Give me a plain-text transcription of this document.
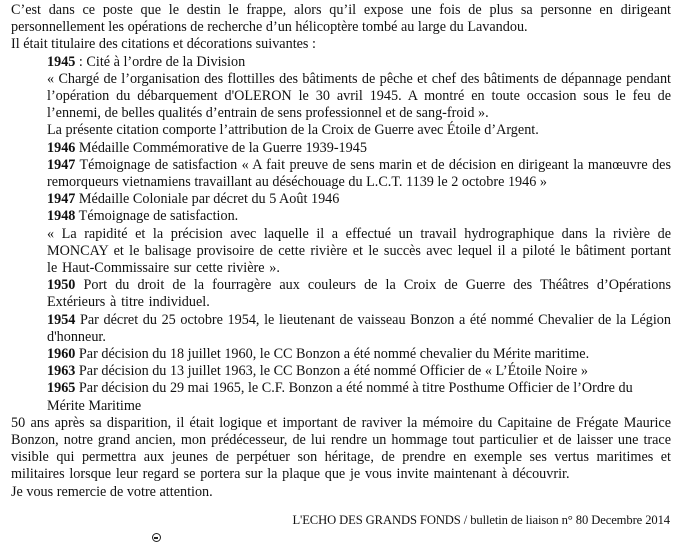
C’est dans ce poste que le destin le frappe, alors qu’il expose une fois de plus sa personne en dirigeant personnellement les opérations de recherche d’un hélicoptère tombé au large du Lavandou.

Il était titulaire des citations et décorations suivantes :

1945 : Cité à l’ordre de la Division

« Chargé de l’organisation des flottilles des bâtiments de pêche et chef des bâtiments de dépannage pendant l’opération du débarquement d'OLERON le 30 avril 1945. A montré en toute occasion sous le feu de l’ennemi, de belles qualités d’entrain de sens professionnel et de sang-froid ».

La présente citation comporte l’attribution de la Croix de Guerre avec Étoile d’Argent.

1946 Médaille Commémorative de la Guerre 1939-1945

1947 Témoignage de satisfaction « A fait preuve de sens marin et de décision en dirigeant la manœuvre des remorqueurs vietnamiens travaillant au déséchouage du L.C.T. 1139 le 2 octobre 1946 »

1947 Médaille Coloniale par décret du 5 Août 1946

1948 Témoignage de satisfaction.

« La rapidité et la précision avec laquelle il a effectué un travail hydrographique dans la rivière de MONCAY et le balisage provisoire de cette rivière et le succès avec lequel il a piloté le bâtiment portant le Haut-Commissaire sur cette rivière ».

1950 Port du droit de la fourragère aux couleurs de la Croix de Guerre des Théâtres d’Opérations Extérieurs à titre individuel.

1954 Par décret du 25 octobre 1954, le lieutenant de vaisseau Bonzon a été nommé Chevalier de la Légion d'honneur.

1960 Par décision du 18 juillet 1960, le CC Bonzon a été nommé chevalier du Mérite maritime.

1963 Par décision du 13 juillet 1963, le CC Bonzon a été nommé Officier de « L’Étoile Noire »

1965 Par décision du 29 mai 1965, le C.F. Bonzon a été nommé à titre Posthume Officier de l’Ordre du Mérite Maritime

50 ans après sa disparition, il était logique et important de raviver la mémoire du Capitaine de Frégate Maurice Bonzon, notre grand ancien, mon prédécesseur, de lui rendre un hommage tout particulier et de laisser une trace visible qui permettra aux jeunes de perpétuer son héritage, de prendre en exemple ses vertus maritimes et militaires lorsque leur regard se portera sur la plaque que je vous invite maintenant à découvrir.

Je vous remercie de votre attention.

L'ECHO DES GRANDS FONDS / bulletin de liaison n° 80 Decembre 2014
